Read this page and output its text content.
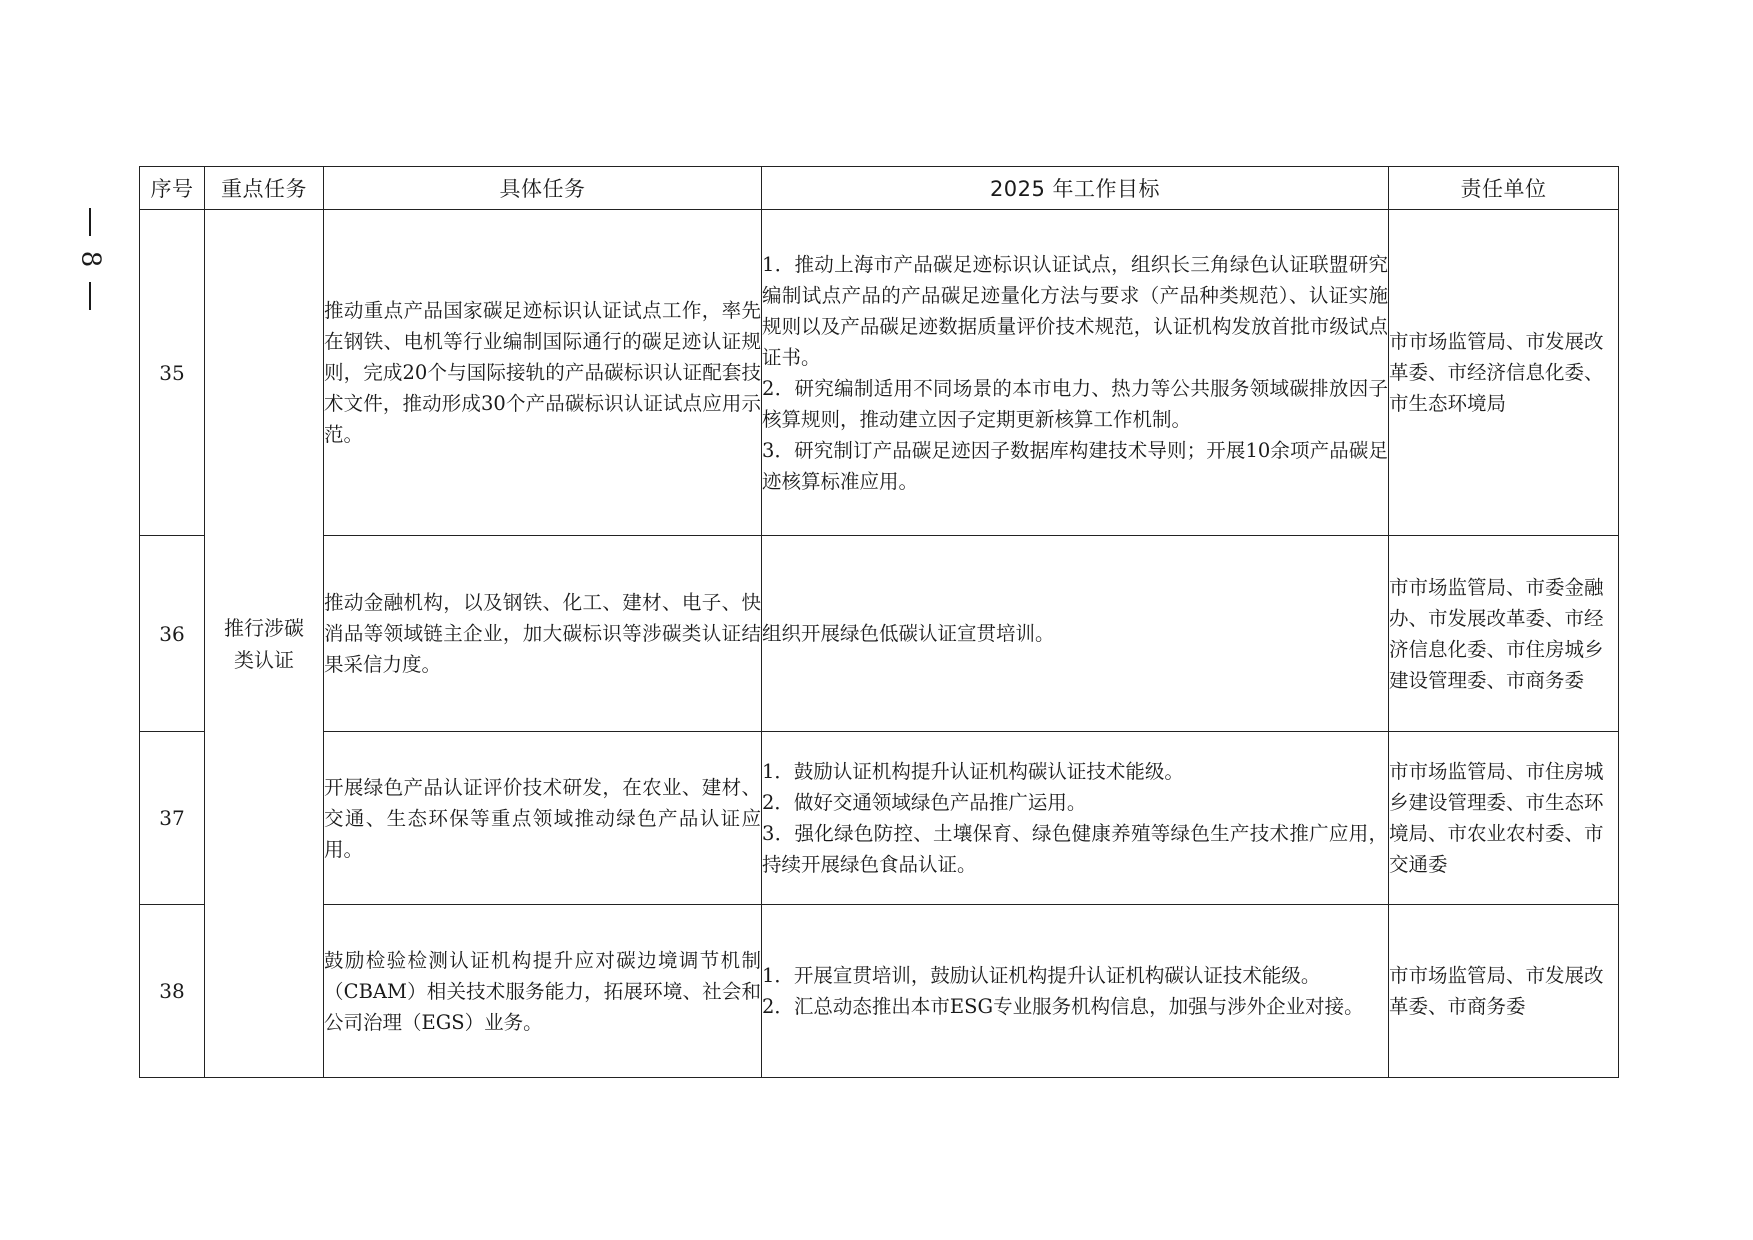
8
序号	重点任务	具体任务	2025 年工作目标	责任单位
35	推行涉碳类认证	推动重点产品国家碳足迹标识认证试点工作，率先在钢铁、电机等行业编制国际通行的碳足迹认证规则，完成20个与国际接轨的产品碳标识认证配套技术文件，推动形成30个产品碳标识认证试点应用示范。	1．推动上海市产品碳足迹标识认证试点，组织长三角绿色认证联盟研究编制试点产品的产品碳足迹量化方法与要求（产品种类规范）、认证实施规则以及产品碳足迹数据质量评价技术规范，认证机构发放首批市级试点证书。
2．研究编制适用不同场景的本市电力、热力等公共服务领域碳排放因子核算规则，推动建立因子定期更新核算工作机制。
3．研究制订产品碳足迹因子数据库构建技术导则；开展10余项产品碳足迹核算标准应用。	市市场监管局、市发展改革委、市经济信息化委、市生态环境局
36		推动金融机构，以及钢铁、化工、建材、电子、快消品等领域链主企业，加大碳标识等涉碳类认证结果采信力度。	组织开展绿色低碳认证宣贯培训。	市市场监管局、市委金融办、市发展改革委、市经济信息化委、市住房城乡建设管理委、市商务委
37		开展绿色产品认证评价技术研发，在农业、建材、交通、生态环保等重点领域推动绿色产品认证应用。	1．鼓励认证机构提升认证机构碳认证技术能级。
2．做好交通领域绿色产品推广运用。
3．强化绿色防控、土壤保育、绿色健康养殖等绿色生产技术推广应用，持续开展绿色食品认证。	市市场监管局、市住房城乡建设管理委、市生态环境局、市农业农村委、市交通委
38		鼓励检验检测认证机构提升应对碳边境调节机制（CBAM）相关技术服务能力，拓展环境、社会和公司治理（EGS）业务。	1．开展宣贯培训，鼓励认证机构提升认证机构碳认证技术能级。
2．汇总动态推出本市ESG专业服务机构信息，加强与涉外企业对接。	市市场监管局、市发展改革委、市商务委
